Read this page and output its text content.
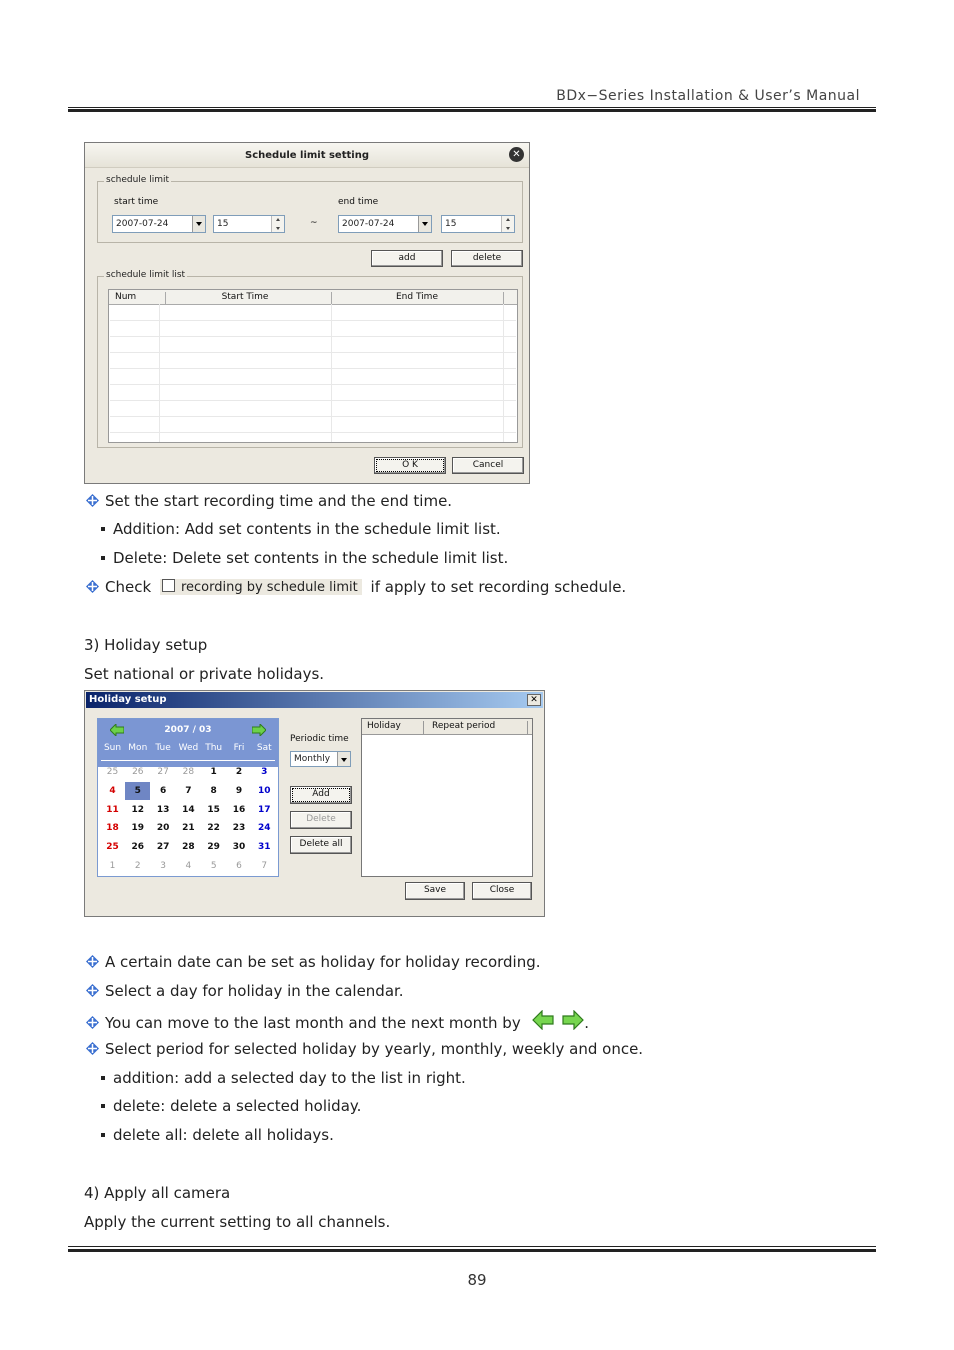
BDx−Series Installation & User’s Manual
Schedule limit setting	✕
schedule limit
start time	end time
2007-07-24	15	~	2007-07-24	15
add	delete
schedule limit list
Num	Start Time	End Time
O K	Cancel
Set the start recording time and the end time.
Addition: Add set contents in the schedule limit list.
Delete: Delete set contents in the schedule limit list.
Check recording by schedule limit if apply to set recording schedule.
3) Holiday setup
Set national or private holidays.
Holiday setup	✕
2007 / 03
Sun Mon Tue Wed Thu	Fri	Sat
25	26	27	28	1	2	3
4	5	6	7	8	9	10
11	12	13	14	15	16	17
18	19	20	21	22	23	24
25	26	27	28	29	30	31
1	2	3	4	5	6	7
Periodic time
Monthly
Add
Delete
Delete all
Holiday	Repeat period
Save	Close
A certain date can be set as holiday for holiday recording.
Select a day for holiday in the calendar.
You can move to the last month and the next month by	.
Select period for selected holiday by yearly, monthly, weekly and once.
addition: add a selected day to the list in right.
delete: delete a selected holiday.
delete all: delete all holidays.
4) Apply all camera
Apply the current setting to all channels.
89
